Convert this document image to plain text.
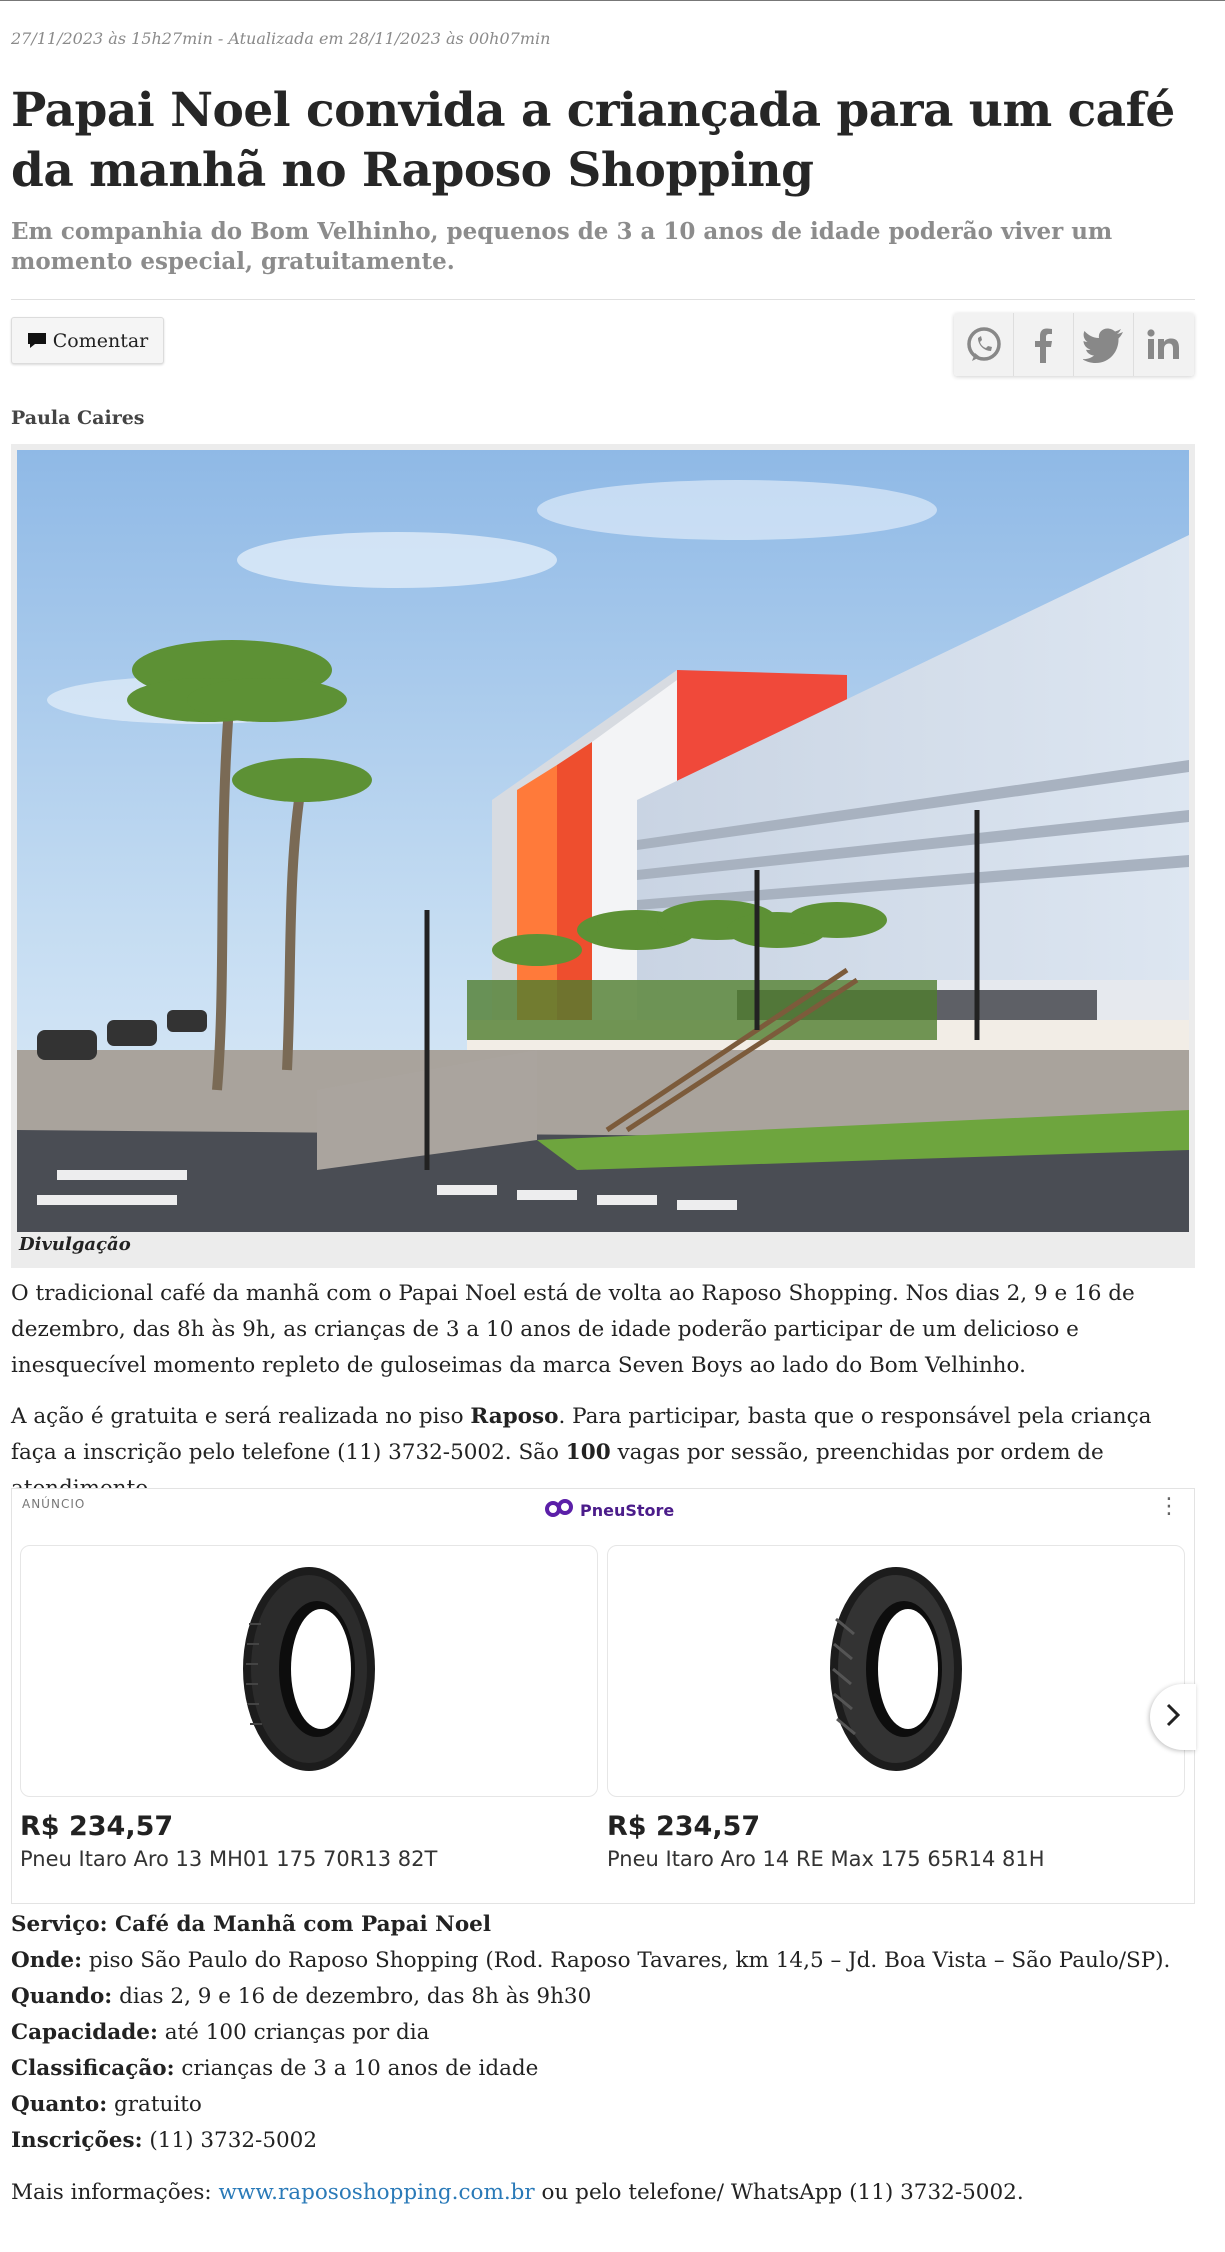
27/11/2023 às 15h27min - Atualizada em 28/11/2023 às 00h07min
Papai Noel convida a criançada para um café da manhã no Raposo Shopping
Em companhia do Bom Velhinho, pequenos de 3 a 10 anos de idade poderão viver um momento especial, gratuitamente.
Comentar
Paula Caires
Divulgação

O tradicional café da manhã com o Papai Noel está de volta ao Raposo Shopping. Nos dias 2, 9 e 16 de dezembro, das 8h às 9h, as crianças de 3 a 10 anos de idade poderão participar de um delicioso e inesquecível momento repleto de guloseimas da marca Seven Boys ao lado do Bom Velhinho.

A ação é gratuita e será realizada no piso Raposo. Para participar, basta que o responsável pela criança faça a inscrição pelo telefone (11) 3732-5002. São 100 vagas por sessão, preenchidas por ordem de

ANÚNCIO	PneuStore	⋮
R$ 234,57
Pneu Itaro Aro 13 MH01 175 70R13 82T
R$ 234,57
Pneu Itaro Aro 14 RE Max 175 65R14 81H
Serviço: Café da Manhã com Papai Noel
Onde: piso São Paulo do Raposo Shopping (Rod. Raposo Tavares, km 14,5 – Jd. Boa Vista – São Paulo/SP).
Quando: dias 2, 9 e 16 de dezembro, das 8h às 9h30
Capacidade: até 100 crianças por dia
Classificação: crianças de 3 a 10 anos de idade
Quanto: gratuito
Inscrições: (11) 3732-5002
Mais informações: www.rapososhopping.com.br ou pelo telefone/ WhatsApp (11) 3732-5002.
